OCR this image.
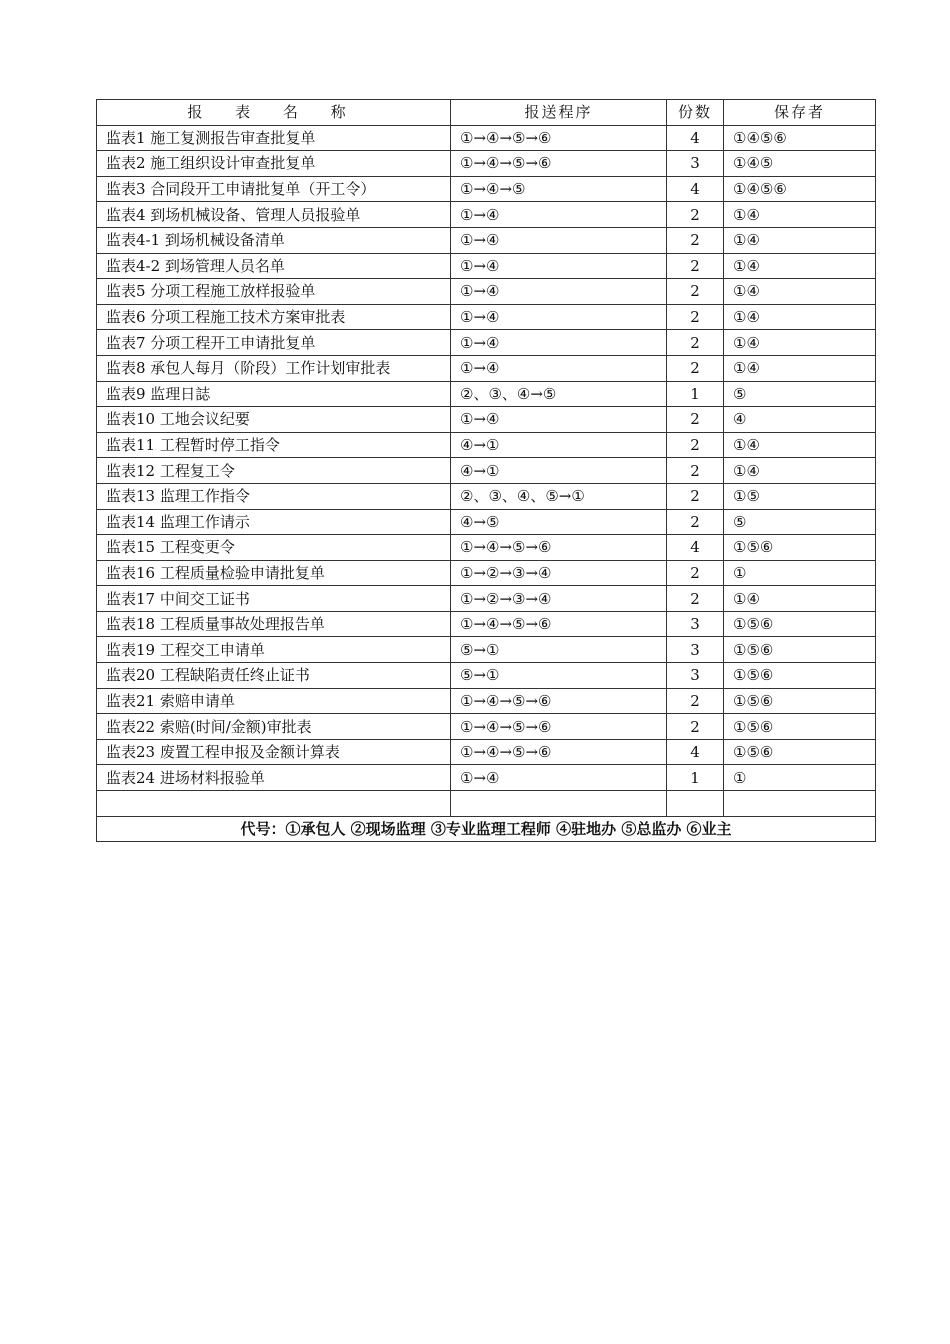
报 表 名 称	报送程序	份数	保存者
监表1 施工复测报告审查批复单	①→④→⑤→⑥	4	①④⑤⑥
监表2 施工组织设计审查批复单	①→④→⑤→⑥	3	①④⑤
监表3 合同段开工申请批复单（开工令）	①→④→⑤	4	①④⑤⑥
监表4 到场机械设备、管理人员报验单	①→④	2	①④
监表4-1 到场机械设备清单	①→④	2	①④
监表4-2 到场管理人员名单	①→④	2	①④
监表5 分项工程施工放样报验单	①→④	2	①④
监表6 分项工程施工技术方案审批表	①→④	2	①④
监表7 分项工程开工申请批复单	①→④	2	①④
监表8 承包人每月（阶段）工作计划审批表	①→④	2	①④
监表9 监理日誌	②、③、④→⑤	1	⑤
监表10 工地会议纪要	①→④	2	④
监表11 工程暂时停工指令	④→①	2	①④
监表12 工程复工令	④→①	2	①④
监表13 监理工作指令	②、③、④、⑤→①	2	①⑤
监表14 监理工作请示	④→⑤	2	⑤
监表15 工程变更令	①→④→⑤→⑥	4	①⑤⑥
监表16 工程质量检验申请批复单	①→②→③→④	2	①
监表17 中间交工证书	①→②→③→④	2	①④
监表18 工程质量事故处理报告单	①→④→⑤→⑥	3	①⑤⑥
监表19 工程交工申请单	⑤→①	3	①⑤⑥
监表20 工程缺陷责任终止证书	⑤→①	3	①⑤⑥
监表21 索赔申请单	①→④→⑤→⑥	2	①⑤⑥
监表22 索赔(时间/金额)审批表	①→④→⑤→⑥	2	①⑤⑥
监表23 废置工程申报及金额计算表	①→④→⑤→⑥	4	①⑤⑥
监表24 进场材料报验单	①→④	1	①

代号：①承包人 ②现场监理 ③专业监理工程师 ④驻地办 ⑤总监办 ⑥业主			
